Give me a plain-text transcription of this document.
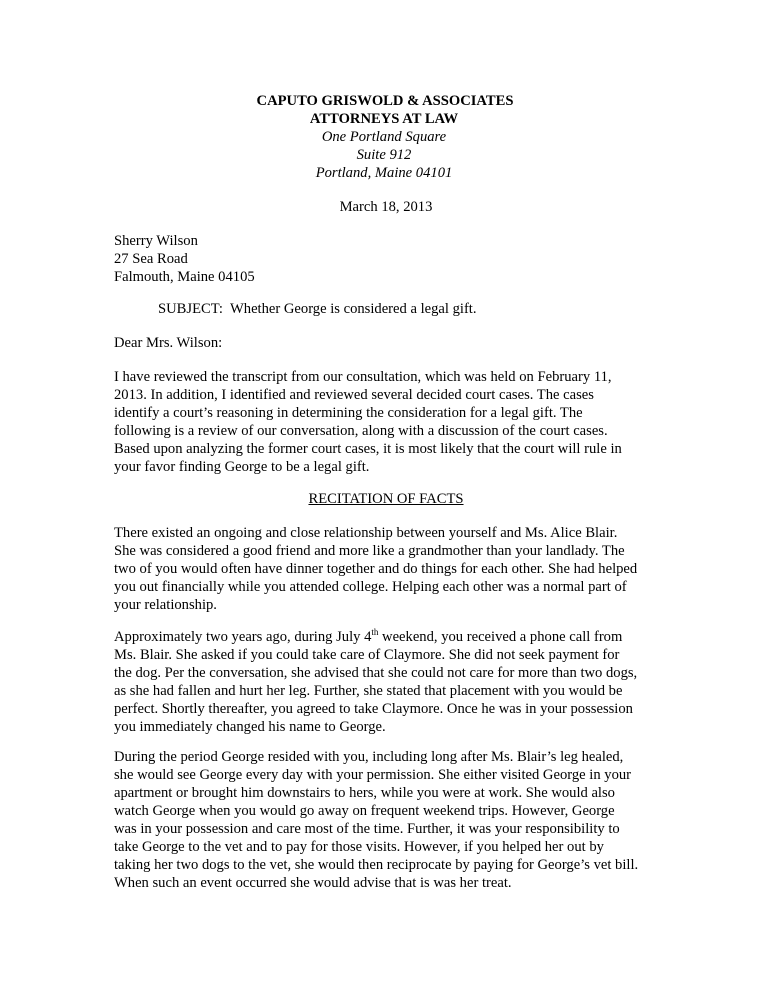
CAPUTO GRISWOLD & ASSOCIATES
ATTORNEYS AT LAW
One Portland Square
Suite 912
Portland, Maine 04101
March 18, 2013
Sherry Wilson
27 Sea Road
Falmouth, Maine 04105
SUBJECT:  Whether George is considered a legal gift.
Dear Mrs. Wilson:
I have reviewed the transcript from our consultation, which was held on February 11,
2013. In addition, I identified and reviewed several decided court cases. The cases
identify a court’s reasoning in determining the consideration for a legal gift. The
following is a review of our conversation, along with a discussion of the court cases.
Based upon analyzing the former court cases, it is most likely that the court will rule in
your favor finding George to be a legal gift.
RECITATION OF FACTS
There existed an ongoing and close relationship between yourself and Ms. Alice Blair.
She was considered a good friend and more like a grandmother than your landlady. The
two of you would often have dinner together and do things for each other. She had helped
you out financially while you attended college. Helping each other was a normal part of
your relationship.
Approximately two years ago, during July 4th weekend, you received a phone call from
Ms. Blair. She asked if you could take care of Claymore. She did not seek payment for
the dog. Per the conversation, she advised that she could not care for more than two dogs,
as she had fallen and hurt her leg. Further, she stated that placement with you would be
perfect. Shortly thereafter, you agreed to take Claymore. Once he was in your possession
you immediately changed his name to George.
During the period George resided with you, including long after Ms. Blair’s leg healed,
she would see George every day with your permission. She either visited George in your
apartment or brought him downstairs to hers, while you were at work. She would also
watch George when you would go away on frequent weekend trips. However, George
was in your possession and care most of the time. Further, it was your responsibility to
take George to the vet and to pay for those visits. However, if you helped her out by
taking her two dogs to the vet, she would then reciprocate by paying for George’s vet bill.
When such an event occurred she would advise that is was her treat.
